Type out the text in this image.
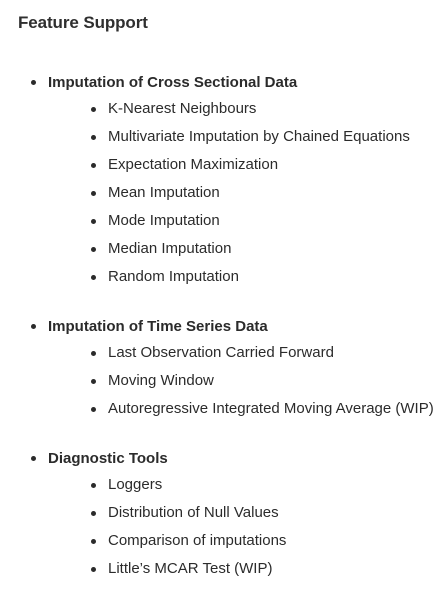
Feature Support
Imputation of Cross Sectional Data
K-Nearest Neighbours
Multivariate Imputation by Chained Equations
Expectation Maximization
Mean Imputation
Mode Imputation
Median Imputation
Random Imputation
Imputation of Time Series Data
Last Observation Carried Forward
Moving Window
Autoregressive Integrated Moving Average (WIP)
Diagnostic Tools
Loggers
Distribution of Null Values
Comparison of imputations
Little’s MCAR Test (WIP)
